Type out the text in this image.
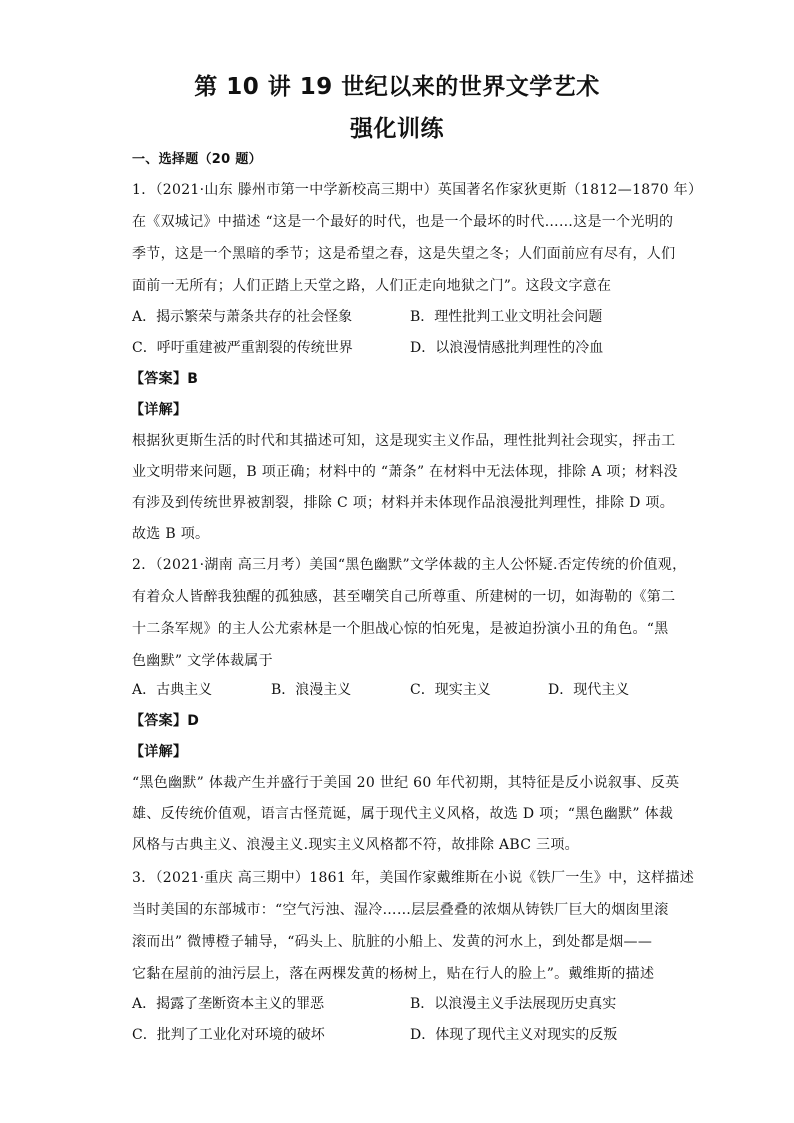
第 10 讲 19 世纪以来的世界文学艺术
强化训练
一、选择题（20 题）
1．（2021·山东 滕州市第一中学新校高三期中）英国著名作家狄更斯（1812—1870 年）
在《双城记》中描述 “这是一个最好的时代，也是一个最坏的时代……这是一个光明的
季节，这是一个黑暗的季节；这是希望之春，这是失望之冬；人们面前应有尽有，人们
面前一无所有；人们正踏上天堂之路，人们正走向地狱之门”。这段文字意在
A．揭示繁荣与萧条共存的社会怪象	B．理性批判工业文明社会问题
C．呼吁重建被严重割裂的传统世界	D．以浪漫情感批判理性的冷血
【答案】B
【详解】
根据狄更斯生活的时代和其描述可知，这是现实主义作品，理性批判社会现实，抨击工
业文明带来问题，B 项正确；材料中的 “萧条” 在材料中无法体现，排除 A 项；材料没
有涉及到传统世界被割裂，排除 C 项；材料并未体现作品浪漫批判理性，排除 D 项。
故选 B 项。
2．（2021·湖南 高三月考）美国“黑色幽默”文学体裁的主人公怀疑.否定传统的价值观，
有着众人皆醉我独醒的孤独感，甚至嘲笑自己所尊重、所建树的一切，如海勒的《第二
十二条军规》的主人公尤索林是一个胆战心惊的怕死鬼，是被迫扮演小丑的角色。“黑
色幽默” 文学体裁属于
A．古典主义	B．浪漫主义	C．现实主义	D．现代主义
【答案】D
【详解】
“黑色幽默” 体裁产生并盛行于美国 20 世纪 60 年代初期，其特征是反小说叙事、反英
雄、反传统价值观，语言古怪荒诞，属于现代主义风格，故选 D 项；“黑色幽默” 体裁
风格与古典主义、浪漫主义.现实主义风格都不符，故排除 ABC 三项。
3．（2021·重庆 高三期中）1861 年，美国作家戴维斯在小说《铁厂一生》中，这样描述
当时美国的东部城市：“空气污浊、湿冷……层层叠叠的浓烟从铸铁厂巨大的烟囱里滚
滚而出” 微博橙子辅导，“码头上、肮脏的小船上、发黄的河水上，到处都是烟——
它黏在屋前的油污层上，落在两棵发黄的杨树上，贴在行人的脸上”。戴维斯的描述
A．揭露了垄断资本主义的罪恶	B．以浪漫主义手法展现历史真实
C．批判了工业化对环境的破坏	D．体现了现代主义对现实的反叛
